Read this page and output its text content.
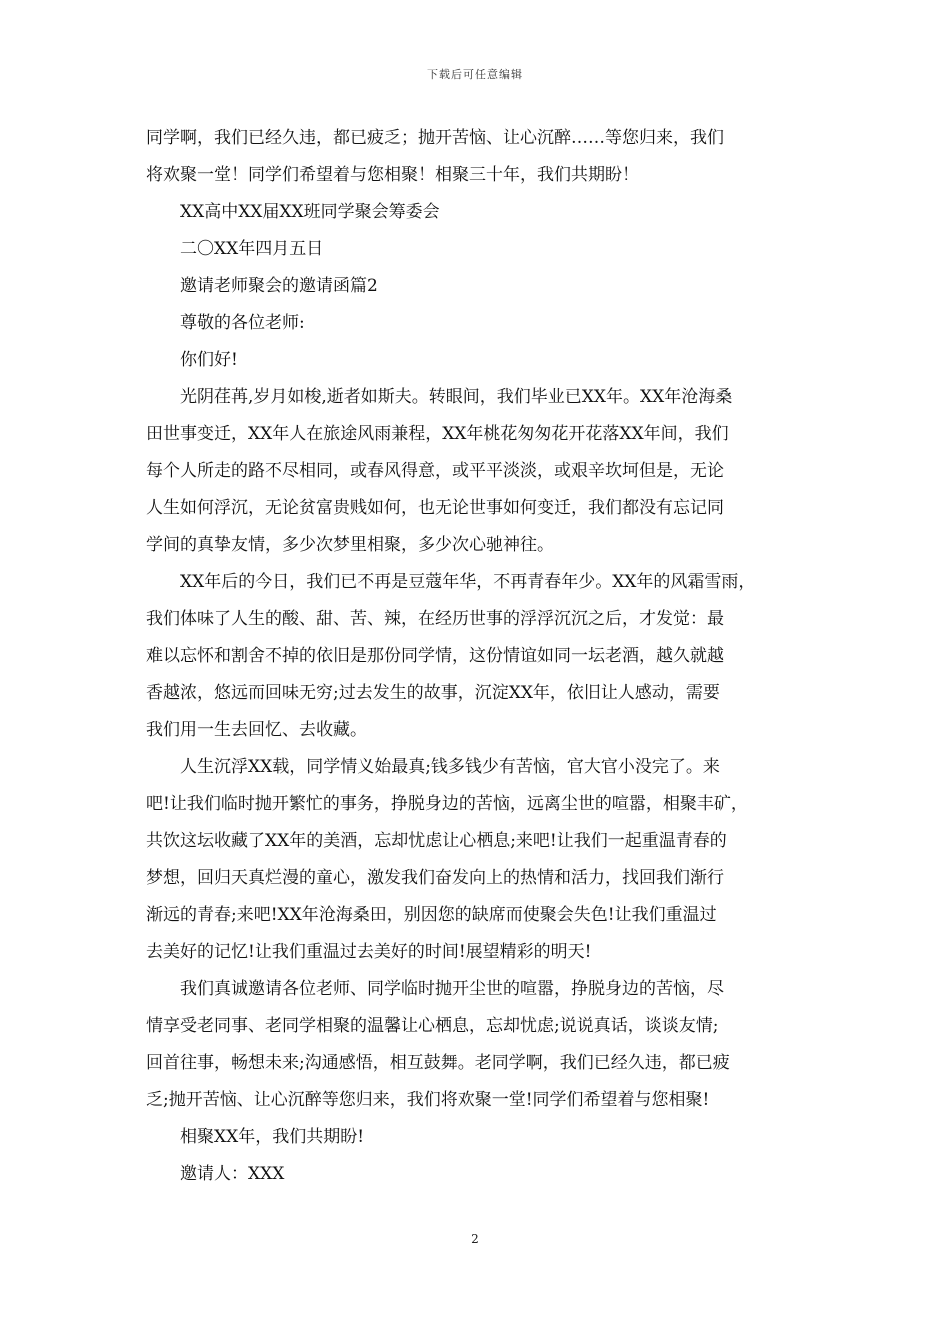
下载后可任意编辑
同学啊，我们已经久违，都已疲乏；抛开苦恼、让心沉醉……等您归来，我们
将欢聚一堂！同学们希望着与您相聚！相聚三十年，我们共期盼！
XX高中XX届XX班同学聚会筹委会
二〇XX年四月五日
邀请老师聚会的邀请函篇2
尊敬的各位老师:
你们好!
光阴荏苒,岁月如梭,逝者如斯夫。转眼间，我们毕业已XX年。XX年沧海桑
田世事变迁，XX年人在旅途风雨兼程，XX年桃花匆匆花开花落XX年间，我们
每个人所走的路不尽相同，或春风得意，或平平淡淡，或艰辛坎坷但是，无论
人生如何浮沉，无论贫富贵贱如何，也无论世事如何变迁，我们都没有忘记同
学间的真挚友情，多少次梦里相聚，多少次心驰神往。
XX年后的今日，我们已不再是豆蔻年华，不再青春年少。XX年的风霜雪雨，
我们体味了人生的酸、甜、苦、辣，在经历世事的浮浮沉沉之后，才发觉：最
难以忘怀和割舍不掉的依旧是那份同学情，这份情谊如同一坛老酒，越久就越
香越浓，悠远而回味无穷;过去发生的故事，沉淀XX年，依旧让人感动，需要
我们用一生去回忆、去收藏。
人生沉浮XX载，同学情义始最真;钱多钱少有苦恼，官大官小没完了。来
吧!让我们临时抛开繁忙的事务，挣脱身边的苦恼，远离尘世的喧嚣，相聚丰矿，
共饮这坛收藏了XX年的美酒，忘却忧虑让心栖息;来吧!让我们一起重温青春的
梦想，回归天真烂漫的童心，激发我们奋发向上的热情和活力，找回我们渐行
渐远的青春;来吧!XX年沧海桑田，别因您的缺席而使聚会失色!让我们重温过
去美好的记忆!让我们重温过去美好的时间!展望精彩的明天!
我们真诚邀请各位老师、同学临时抛开尘世的喧嚣，挣脱身边的苦恼，尽
情享受老同事、老同学相聚的温馨让心栖息，忘却忧虑;说说真话，谈谈友情;
回首往事，畅想未来;沟通感悟，相互鼓舞。老同学啊，我们已经久违，都已疲
乏;抛开苦恼、让心沉醉等您归来，我们将欢聚一堂!同学们希望着与您相聚!
相聚XX年，我们共期盼!
邀请人：XXX
2
